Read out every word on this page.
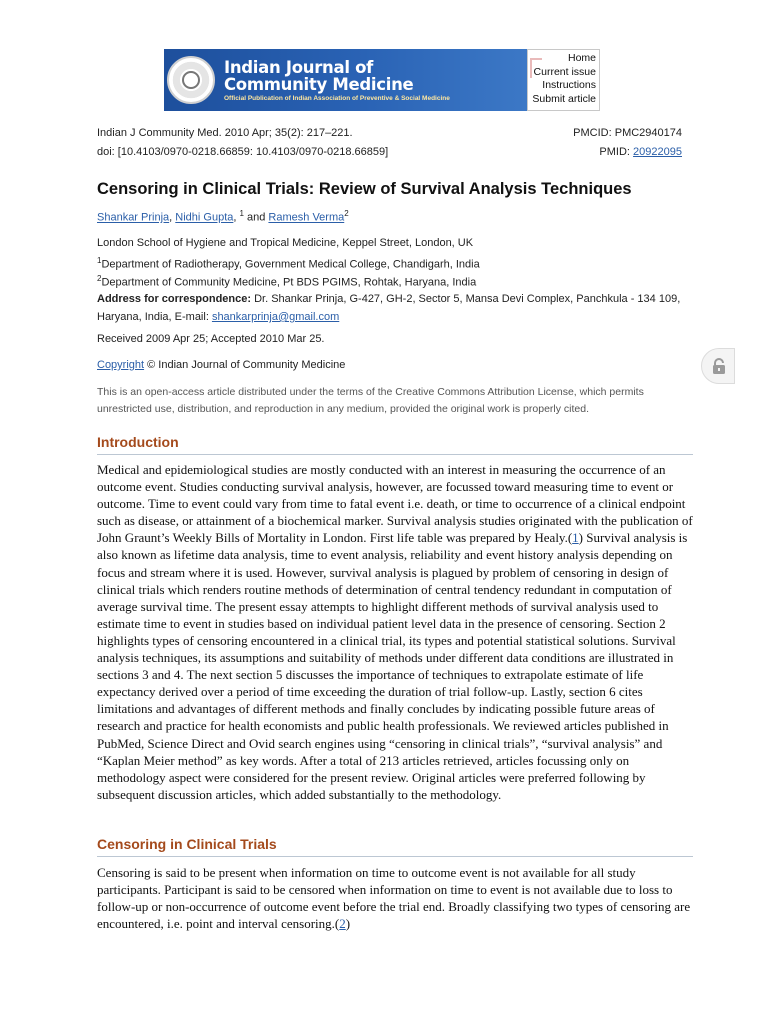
Indian Journal of
Community Medicine
Official Publication of Indian Association of Preventive & Social Medicine
Home
Current issue
Instructions
Submit article
Indian J Community Med. 2010 Apr; 35(2): 217–221.
doi: [10.4103/0970-0218.66859: 10.4103/0970-0218.66859]
PMCID: PMC2940174
PMID: 20922095
Censoring in Clinical Trials: Review of Survival Analysis Techniques
Shankar Prinja, Nidhi Gupta, $^1$ and Ramesh Verma$^2$
London School of Hygiene and Tropical Medicine, Keppel Street, London, UK
$^1$Department of Radiotherapy, Government Medical College, Chandigarh, India
$^2$Department of Community Medicine, Pt BDS PGIMS, Rohtak, Haryana, India
Address for correspondence: Dr. Shankar Prinja, G-427, GH-2, Sector 5, Mansa Devi Complex, Panchkula - 134 109, Haryana, India, E-mail: shankarprinja@gmail.com
Received 2009 Apr 25; Accepted 2010 Mar 25.
Copyright © Indian Journal of Community Medicine
This is an open-access article distributed under the terms of the Creative Commons Attribution License, which permits unrestricted use, distribution, and reproduction in any medium, provided the original work is properly cited.
Introduction

Medical and epidemiological studies are mostly conducted with an interest in measuring the occurrence of an outcome event. Studies conducting survival analysis, however, are focussed toward measuring time to event or outcome. Time to event could vary from time to fatal event i.e. death, or time to occurrence of a clinical endpoint such as disease, or attainment of a biochemical marker. Survival analysis studies originated with the publication of John Graunt’s Weekly Bills of Mortality in London. First life table was prepared by Healy.(1) Survival analysis is also known as lifetime data analysis, time to event analysis, reliability and event history analysis depending on focus and stream where it is used. However, survival analysis is plagued by problem of censoring in design of clinical trials which renders routine methods of determination of central tendency redundant in computation of average survival time. The present essay attempts to highlight different methods of survival analysis used to estimate time to event in studies based on individual patient level data in the presence of censoring. Section 2 highlights types of censoring encountered in a clinical trial, its types and potential statistical solutions. Survival analysis techniques, its assumptions and suitability of methods under different data conditions are illustrated in sections 3 and 4. The next section 5 discusses the importance of techniques to extrapolate estimate of life expectancy derived over a period of time exceeding the duration of trial follow-up. Lastly, section 6 cites limitations and advantages of different methods and finally concludes by indicating possible future areas of research and practice for health economists and public health professionals. We reviewed articles published in PubMed, Science Direct and Ovid search engines using “censoring in clinical trials”, “survival analysis” and “Kaplan Meier method” as key words. After a total of 213 articles retrieved, articles focussing only on methodology aspect were considered for the present review. Original articles were preferred following by subsequent discussion articles, which added substantially to the methodology.

Censoring in Clinical Trials

Censoring is said to be present when information on time to outcome event is not available for all study participants. Participant is said to be censored when information on time to event is not available due to loss to follow-up or non-occurrence of outcome event before the trial end. Broadly classifying two types of censoring are encountered, i.e. point and interval censoring.(2)
